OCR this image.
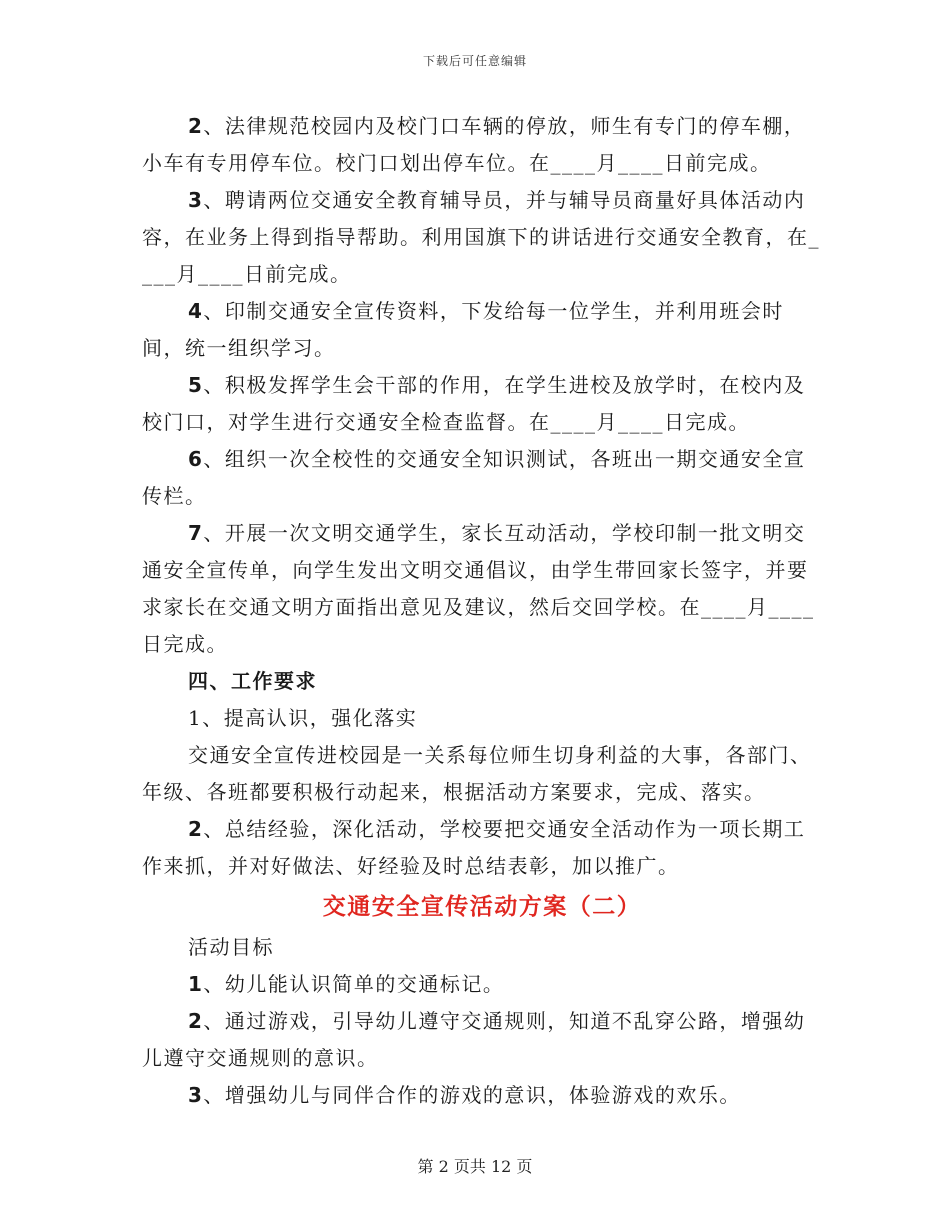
下载后可任意编辑

2、法律规范校园内及校门口车辆的停放，师生有专门的停车棚，小车有专用停车位。校门口划出停车位。在____月____日前完成。

3、聘请两位交通安全教育辅导员，并与辅导员商量好具体活动内容，在业务上得到指导帮助。利用国旗下的讲话进行交通安全教育，在____月____日前完成。

4、印制交通安全宣传资料，下发给每一位学生，并利用班会时间，统一组织学习。

5、积极发挥学生会干部的作用，在学生进校及放学时，在校内及校门口，对学生进行交通安全检查监督。在____月____日完成。

6、组织一次全校性的交通安全知识测试，各班出一期交通安全宣传栏。

7、开展一次文明交通学生，家长互动活动，学校印制一批文明交通安全宣传单，向学生发出文明交通倡议，由学生带回家长签字，并要求家长在交通文明方面指出意见及建议，然后交回学校。在____月____日完成。

四、工作要求

1、提高认识，强化落实

交通安全宣传进校园是一关系每位师生切身利益的大事，各部门、年级、各班都要积极行动起来，根据活动方案要求，完成、落实。

2、总结经验，深化活动，学校要把交通安全活动作为一项长期工作来抓，并对好做法、好经验及时总结表彰，加以推广。

交通安全宣传活动方案（二）

活动目标

1、幼儿能认识简单的交通标记。

2、通过游戏，引导幼儿遵守交通规则，知道不乱穿公路，增强幼儿遵守交通规则的意识。

3、增强幼儿与同伴合作的游戏的意识，体验游戏的欢乐。

第 2 页共 12 页
